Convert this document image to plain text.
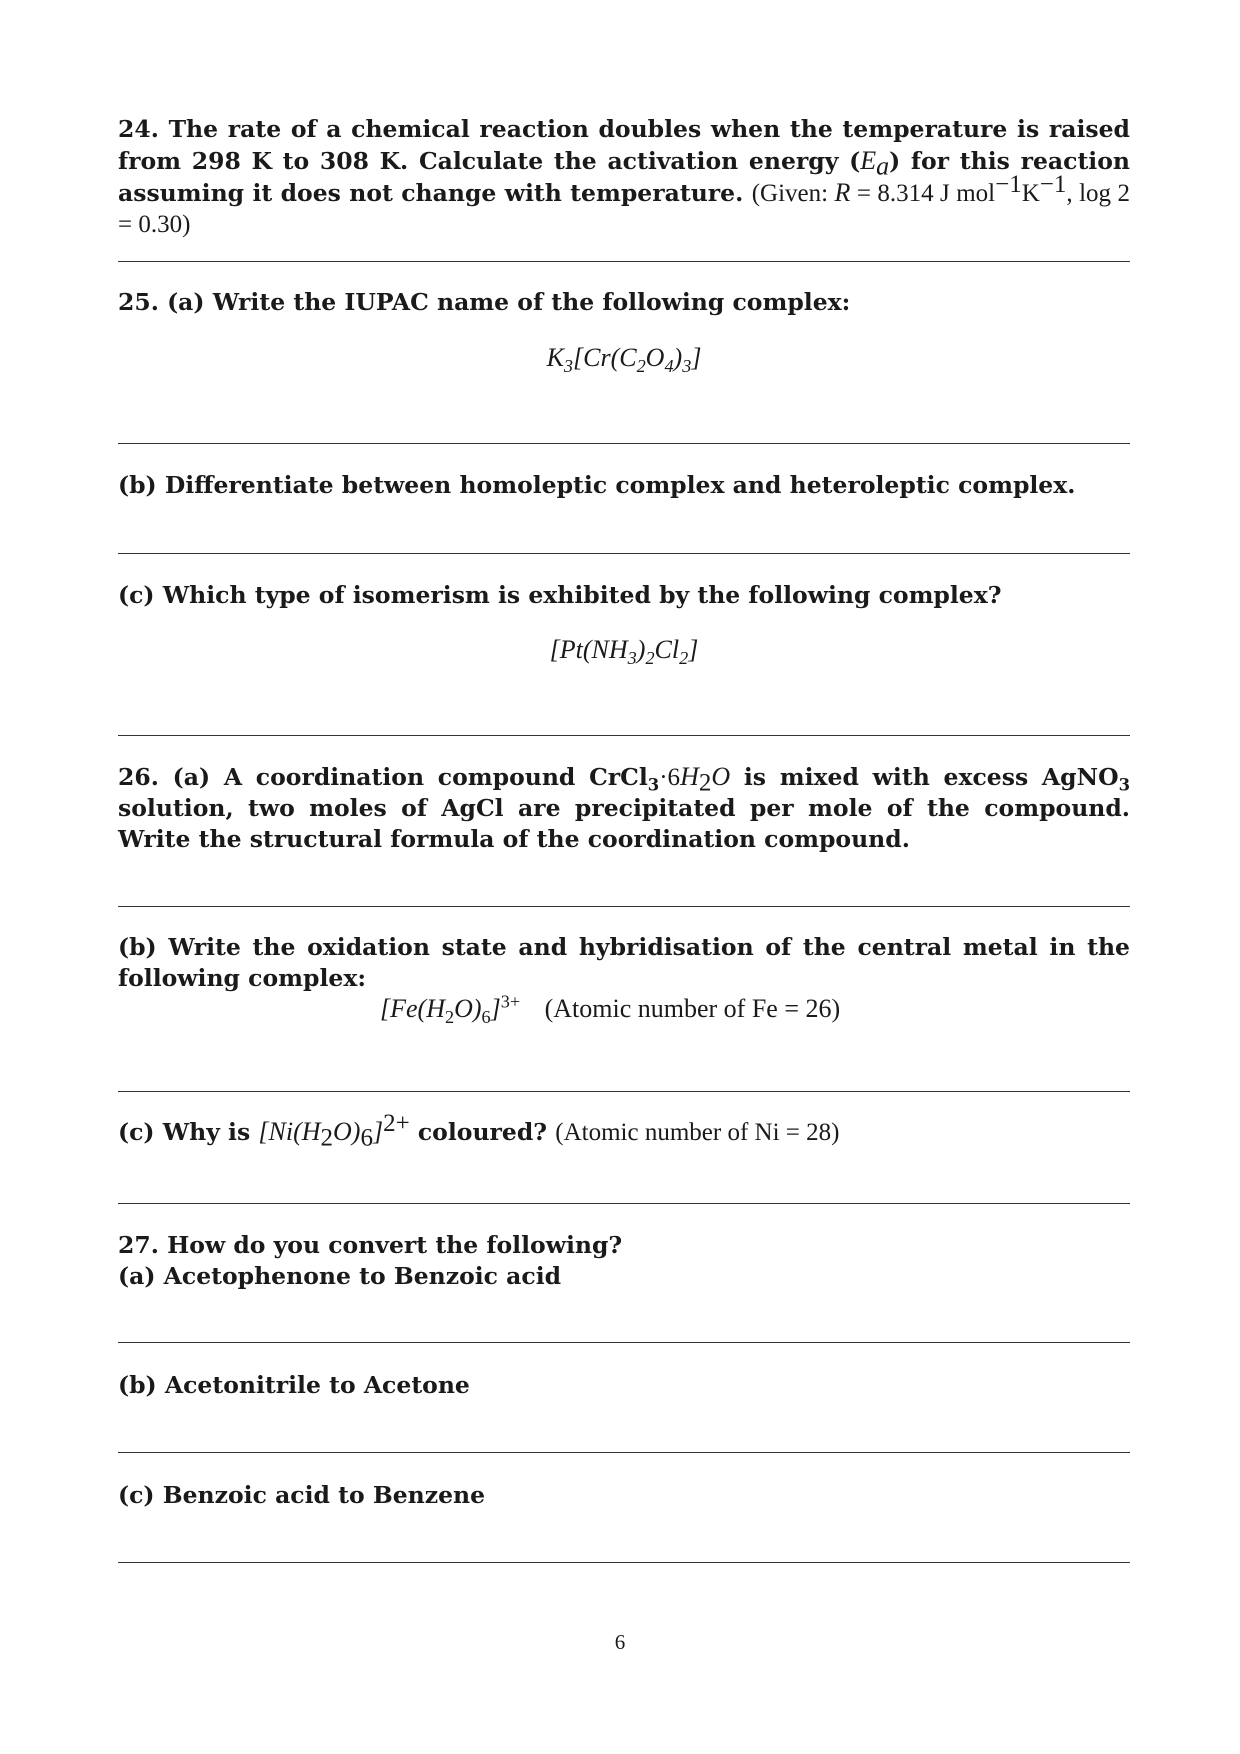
24. The rate of a chemical reaction doubles when the temperature is raised from 298 K to 308 K. Calculate the activation energy $(E_a)$ for this reaction assuming it does not change with temperature. (Given: R = 8.314 J $mol^{-1}K^{-1}$, log 2 = 0.30)
25. (a) Write the IUPAC name of the following complex:
$K_3[Cr(C_2O_4)_3]$
(b) Differentiate between homoleptic complex and heteroleptic complex.
(c) Which type of isomerism is exhibited by the following complex?
$[Pt(NH_3)_2Cl_2]$
26. (a) A coordination compound $CrCl_3\cdot 6H_2O$ is mixed with excess AgNO$_3$ solution, two moles of AgCl are precipitated per mole of the compound. Write the structural formula of the coordination compound.
(b) Write the oxidation state and hybridisation of the central metal in the following complex:
$[Fe(H_2O)_6]^{3+}$ (Atomic number of Fe = 26)
(c) Why is $[Ni(H_2O)_6]^{2+}$ coloured? (Atomic number of Ni = 28)
27. How do you convert the following?
(a) Acetophenone to Benzoic acid
(b) Acetonitrile to Acetone
(c) Benzoic acid to Benzene
6
